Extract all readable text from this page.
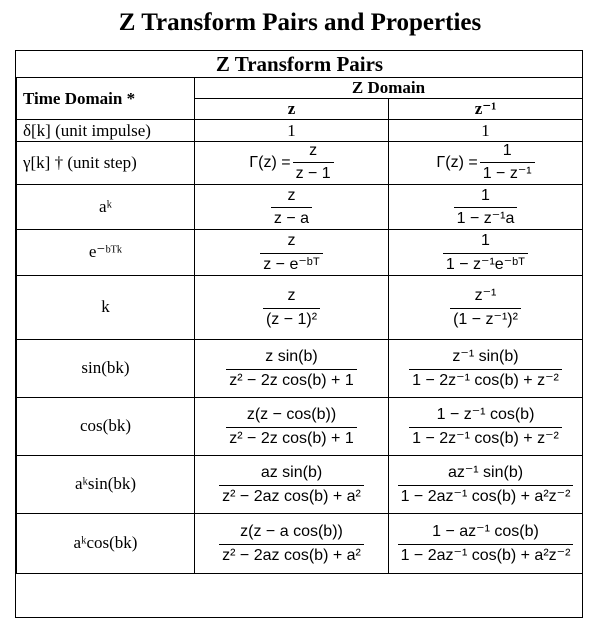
Z Transform Pairs and Properties
Z Transform Pairs		
Time Domain *	Z Domain	
	z	z⁻¹
δ[k] (unit impulse)	1	1

γ[k] † (unit step)	$\Gamma(z) = \frac{z}{z - 1}$	$\Gamma(z) = \frac{1}{\text{1 − z⁻¹}}$

aᵏ	$\frac{z}{z - a}$	$\frac{1}{\text{1 − z⁻¹a}}$

e⁻ᵇᵀᵏ	$\frac{z}{\text{z − e⁻ᵇᵀ}}$	$\frac{1}{\text{1 − z⁻¹e⁻ᵇᵀ}}$

k	$\frac{z}{\text{(z − 1)²}}$	$\frac{\text{z⁻¹}}{\text{(1 − z⁻¹)²}}$

sin(bk)	$\frac{\text{z sin(b)}}{\text{z² − 2z cos(b) + 1}}$	$\frac{\text{z⁻¹ sin(b)}}{\text{1 − 2z⁻¹ cos(b) + z⁻²}}$

cos(bk)	$\frac{z(z - \cos(b))}{\text{z² − 2z cos(b) + 1}}$	$\frac{\text{1 − z⁻¹ cos(b)}}{\text{1 − 2z⁻¹ cos(b) + z⁻²}}$

aᵏsin(bk)	$\frac{\text{az sin(b)}}{\text{z² − 2az cos(b) + a²}}$	$\frac{\text{az⁻¹ sin(b)}}{\text{1 − 2az⁻¹ cos(b) + a²z⁻²}}$

aᵏcos(bk)	$\frac{\text{z(z − a cos(b))}}{\text{z² − 2az cos(b) + a²}}$	$\frac{\text{1 − az⁻¹ cos(b)}}{\text{1 − 2az⁻¹ cos(b) + a²z⁻²}}$
